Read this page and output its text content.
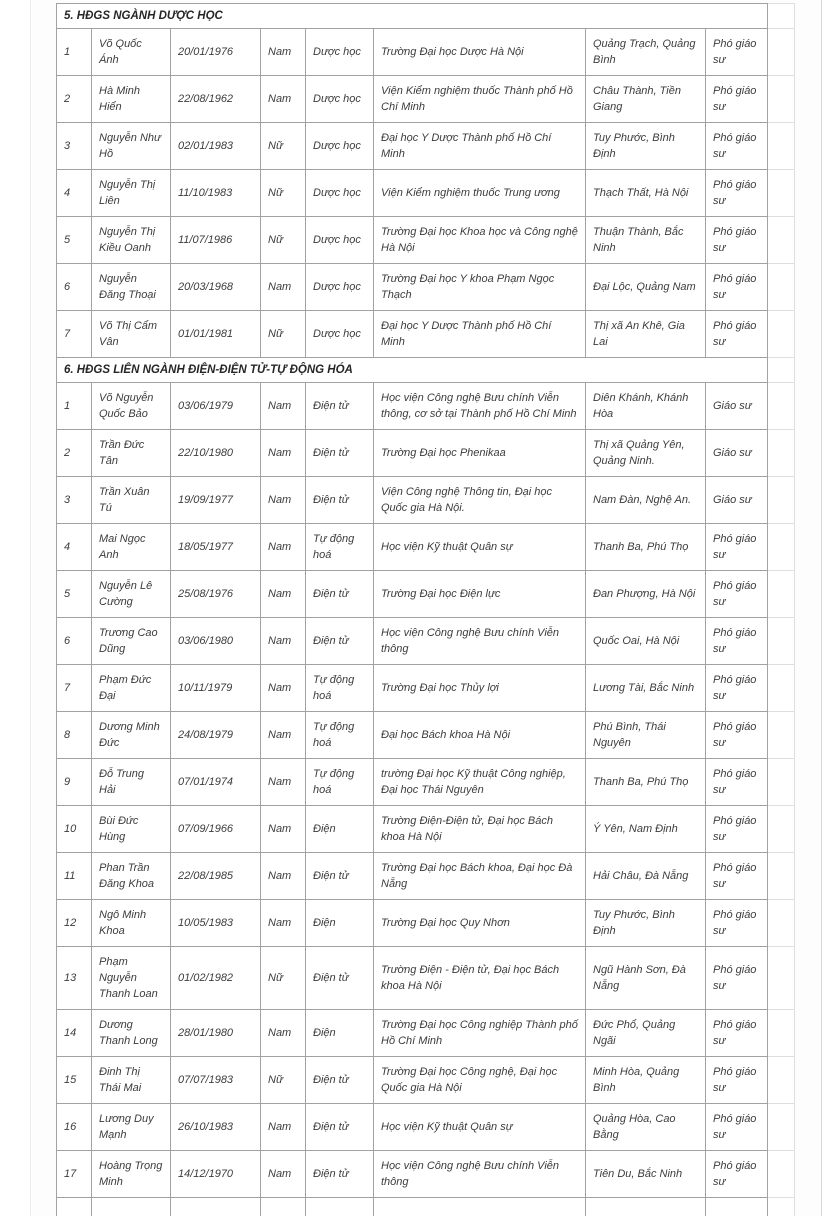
5. HĐGS NGÀNH DƯỢC HỌC								
1	Võ Quốc Ánh	20/01/1976	Nam	Dược học	Trường Đại học Dược Hà Nội	Quảng Trạch, Quảng Bình	Phó giáo sư	
2	Hà Minh Hiển	22/08/1962	Nam	Dược học	Viện Kiểm nghiệm thuốc Thành phố Hồ Chí Minh	Châu Thành, Tiền Giang	Phó giáo sư	
3	Nguyễn Như Hồ	02/01/1983	Nữ	Dược học	Đại học Y Dược Thành phố Hồ Chí Minh	Tuy Phước, Bình Định	Phó giáo sư	
4	Nguyễn Thị Liên	11/10/1983	Nữ	Dược học	Viện Kiểm nghiệm thuốc Trung ương	Thạch Thất, Hà Nội	Phó giáo sư	
5	Nguyễn Thị Kiều Oanh	11/07/1986	Nữ	Dược học	Trường Đại học Khoa học và Công nghệ Hà Nội	Thuận Thành, Bắc Ninh	Phó giáo sư	
6	Nguyễn Đăng Thoại	20/03/1968	Nam	Dược học	Trường Đại học Y khoa Phạm Ngọc Thạch	Đại Lộc, Quảng Nam	Phó giáo sư	
7	Võ Thị Cẩm Vân	01/01/1981	Nữ	Dược học	Đại học Y Dược Thành phố Hồ Chí Minh	Thị xã An Khê, Gia Lai	Phó giáo sư	
6. HĐGS LIÊN NGÀNH ĐIỆN-ĐIỆN TỬ-TỰ ĐỘNG HÓA								
1	Võ Nguyễn Quốc Bảo	03/06/1979	Nam	Điện tử	Học viện Công nghệ Bưu chính Viễn thông, cơ sở tại Thành phố Hồ Chí Minh	Diên Khánh, Khánh Hòa	Giáo sư	
2	Trần Đức Tân	22/10/1980	Nam	Điện tử	Trường Đại học Phenikaa	Thị xã Quảng Yên, Quảng Ninh.	Giáo sư	
3	Trần Xuân Tú	19/09/1977	Nam	Điện tử	Viện Công nghệ Thông tin, Đại học Quốc gia Hà Nội.	Nam Đàn, Nghệ An.	Giáo sư	
4	Mai Ngọc Anh	18/05/1977	Nam	Tự động hoá	Học viện Kỹ thuật Quân sự	Thanh Ba, Phú Thọ	Phó giáo sư	
5	Nguyễn Lê Cường	25/08/1976	Nam	Điện tử	Trường Đại học Điện lực	Đan Phượng, Hà Nội	Phó giáo sư	
6	Trương Cao Dũng	03/06/1980	Nam	Điện tử	Học viện Công nghệ Bưu chính Viễn thông	Quốc Oai, Hà Nội	Phó giáo sư	
7	Phạm Đức Đại	10/11/1979	Nam	Tự động hoá	Trường Đại học Thủy lợi	Lương Tài, Bắc Ninh	Phó giáo sư	
8	Dương Minh Đức	24/08/1979	Nam	Tự động hoá	Đại học Bách khoa Hà Nội	Phú Bình, Thái Nguyên	Phó giáo sư	
9	Đỗ Trung Hải	07/01/1974	Nam	Tự động hoá	trường Đại học Kỹ thuật Công nghiệp, Đại học Thái Nguyên	Thanh Ba, Phú Thọ	Phó giáo sư	
10	Bùi Đức Hùng	07/09/1966	Nam	Điện	Trường Điện-Điện tử, Đại học Bách khoa Hà Nội	Ý Yên, Nam Định	Phó giáo sư	
11	Phan Trần Đăng Khoa	22/08/1985	Nam	Điện tử	Trường Đại học Bách khoa, Đại học Đà Nẵng	Hải Châu, Đà Nẵng	Phó giáo sư	
12	Ngô Minh Khoa	10/05/1983	Nam	Điện	Trường Đại học Quy Nhơn	Tuy Phước, Bình Định	Phó giáo sư	
13	Phạm Nguyễn Thanh Loan	01/02/1982	Nữ	Điện tử	Trường Điện - Điện tử, Đại học Bách khoa Hà Nội	Ngũ Hành Sơn, Đà Nẵng	Phó giáo sư	
14	Dương Thanh Long	28/01/1980	Nam	Điện	Trường Đại học Công nghiệp Thành phố Hồ Chí Minh	Đức Phổ, Quảng Ngãi	Phó giáo sư	
15	Đinh Thị Thái Mai	07/07/1983	Nữ	Điện tử	Trường Đại học Công nghệ, Đại học Quốc gia Hà Nội	Minh Hòa, Quảng Bình	Phó giáo sư	
16	Lương Duy Mạnh	26/10/1983	Nam	Điện tử	Học viện Kỹ thuật Quân sự	Quảng Hòa, Cao Bằng	Phó giáo sư	
17	Hoàng Trọng Minh	14/12/1970	Nam	Điện tử	Học viện Công nghệ Bưu chính Viễn thông	Tiên Du, Bắc Ninh	Phó giáo sư	
